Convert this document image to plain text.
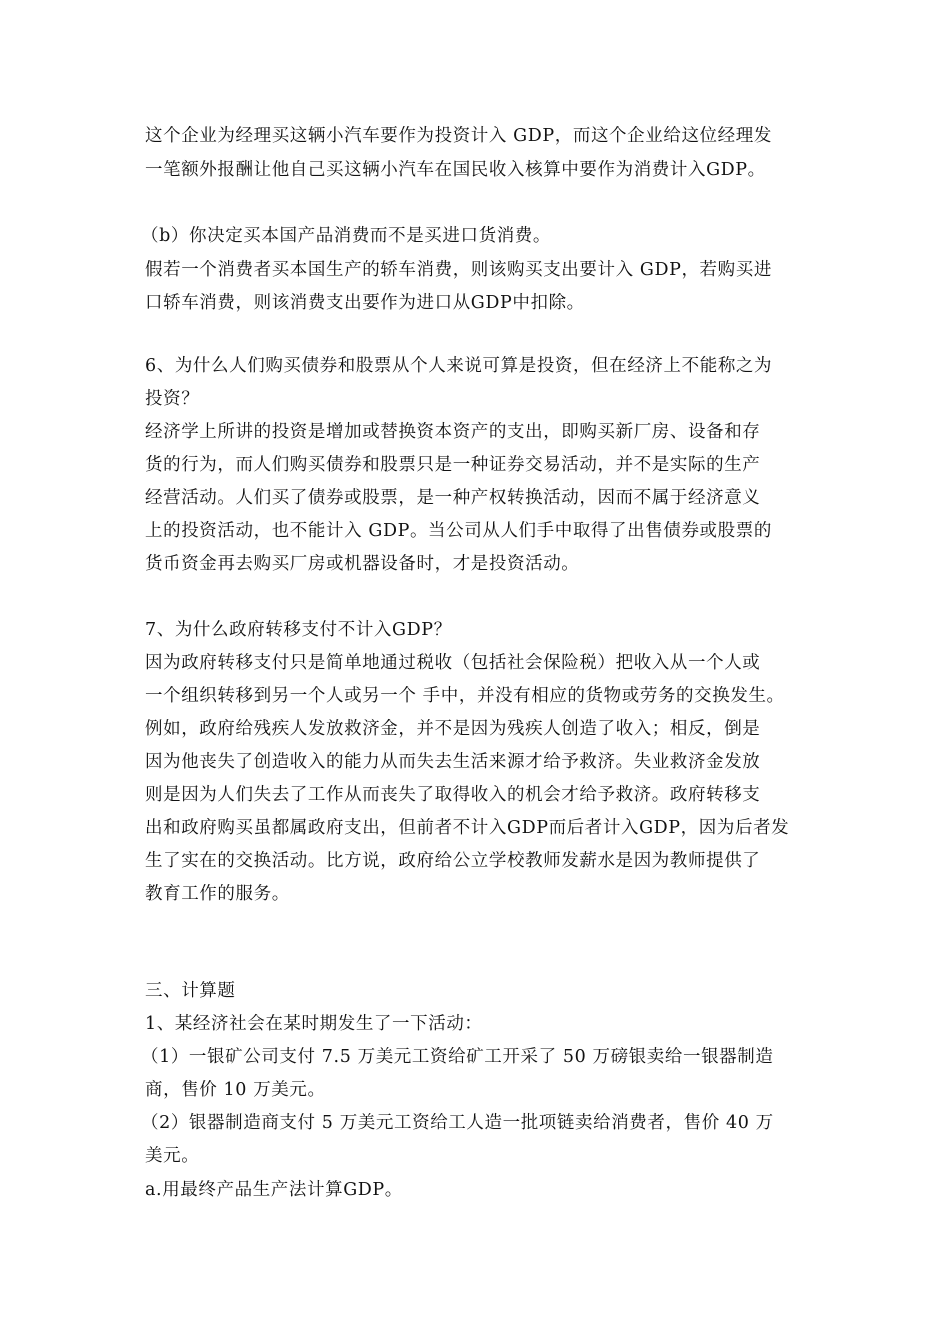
这个企业为经理买这辆小汽车要作为投资计入 GDP，而这个企业给这位经理发
一笔额外报酬让他自己买这辆小汽车在国民收入核算中要作为消费计入GDP。
（b）你决定买本国产品消费而不是买进口货消费。
假若一个消费者买本国生产的轿车消费，则该购买支出要计入 GDP，若购买进
口轿车消费，则该消费支出要作为进口从GDP中扣除。
6、为什么人们购买债券和股票从个人来说可算是投资，但在经济上不能称之为
投资？
经济学上所讲的投资是增加或替换资本资产的支出，即购买新厂房、设备和存
货的行为，而人们购买债券和股票只是一种证券交易活动，并不是实际的生产
经营活动。人们买了债券或股票，是一种产权转换活动，因而不属于经济意义
上的投资活动，也不能计入 GDP。当公司从人们手中取得了出售债券或股票的
货币资金再去购买厂房或机器设备时，才是投资活动。
7、为什么政府转移支付不计入GDP？
因为政府转移支付只是简单地通过税收（包括社会保险税）把收入从一个人或
一个组织转移到另一个人或另一个 手中，并没有相应的货物或劳务的交换发生。
例如，政府给残疾人发放救济金，并不是因为残疾人创造了收入；相反，倒是
因为他丧失了创造收入的能力从而失去生活来源才给予救济。失业救济金发放
则是因为人们失去了工作从而丧失了取得收入的机会才给予救济。政府转移支
出和政府购买虽都属政府支出，但前者不计入GDP而后者计入GDP，因为后者发
生了实在的交换活动。比方说，政府给公立学校教师发薪水是因为教师提供了
教育工作的服务。
三、计算题
1、某经济社会在某时期发生了一下活动：
（1）一银矿公司支付 7.5 万美元工资给矿工开采了 50 万磅银卖给一银器制造
商，售价 10 万美元。
（2）银器制造商支付 5 万美元工资给工人造一批项链卖给消费者，售价 40 万
美元。
a.用最终产品生产法计算GDP。
